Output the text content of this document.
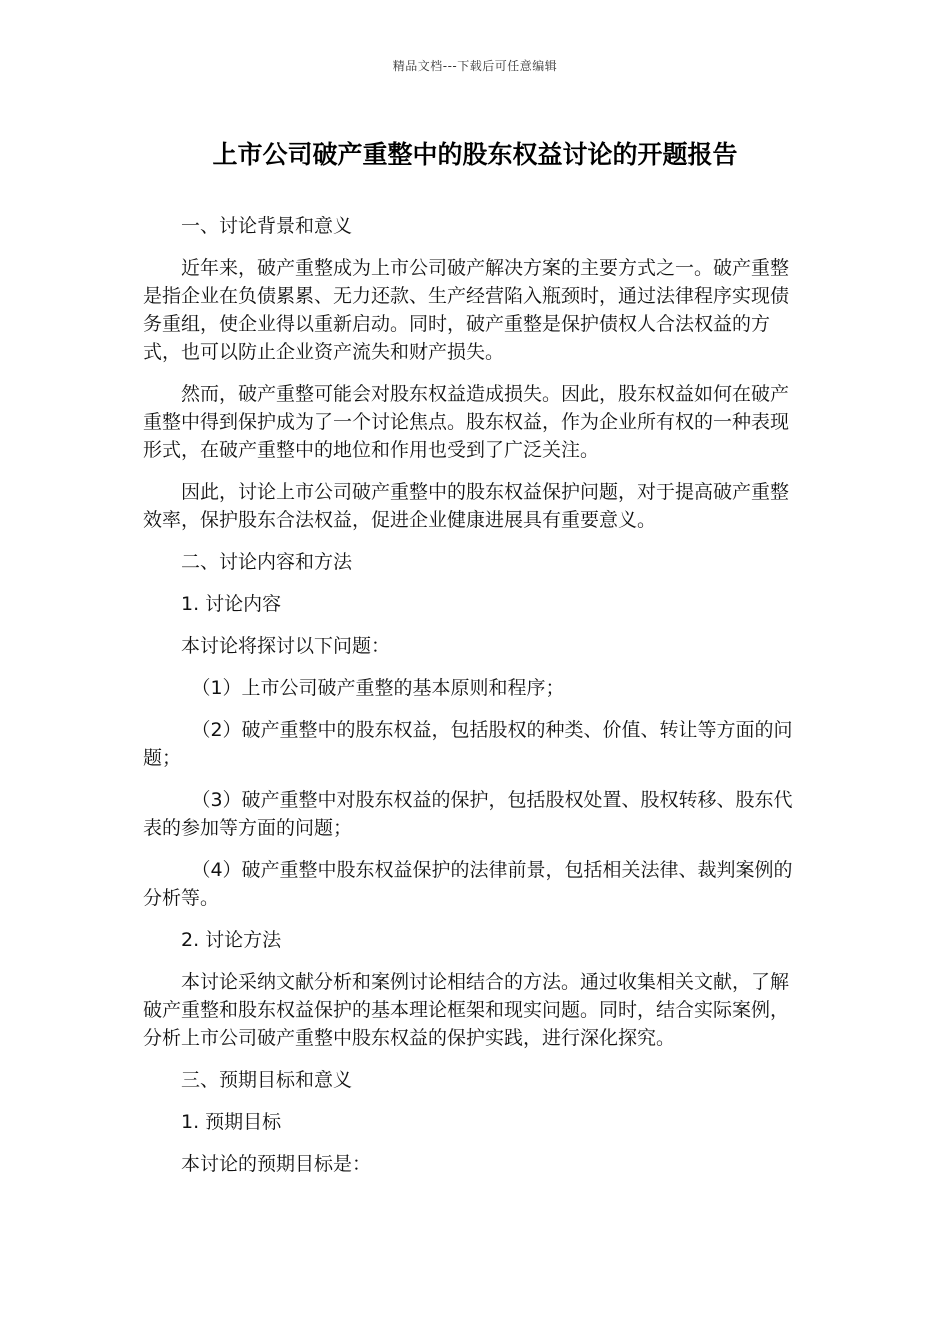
精品文档---下载后可任意编辑
上市公司破产重整中的股东权益讨论的开题报告

一、讨论背景和意义

近年来，破产重整成为上市公司破产解决方案的主要方式之一。破产重整是指企业在负债累累、无力还款、生产经营陷入瓶颈时，通过法律程序实现债务重组，使企业得以重新启动。同时，破产重整是保护债权人合法权益的方式，也可以防止企业资产流失和财产损失。

然而，破产重整可能会对股东权益造成损失。因此，股东权益如何在破产重整中得到保护成为了一个讨论焦点。股东权益，作为企业所有权的一种表现形式，在破产重整中的地位和作用也受到了广泛关注。

因此，讨论上市公司破产重整中的股东权益保护问题，对于提高破产重整效率，保护股东合法权益，促进企业健康进展具有重要意义。

二、讨论内容和方法

1. 讨论内容

本讨论将探讨以下问题：

（1）上市公司破产重整的基本原则和程序；

（2）破产重整中的股东权益，包括股权的种类、价值、转让等方面的问题；

（3）破产重整中对股东权益的保护，包括股权处置、股权转移、股东代表的参加等方面的问题；

（4）破产重整中股东权益保护的法律前景，包括相关法律、裁判案例的分析等。

2. 讨论方法

本讨论采纳文献分析和案例讨论相结合的方法。通过收集相关文献，了解破产重整和股东权益保护的基本理论框架和现实问题。同时，结合实际案例，分析上市公司破产重整中股东权益的保护实践，进行深化探究。

三、预期目标和意义

1. 预期目标

本讨论的预期目标是：
